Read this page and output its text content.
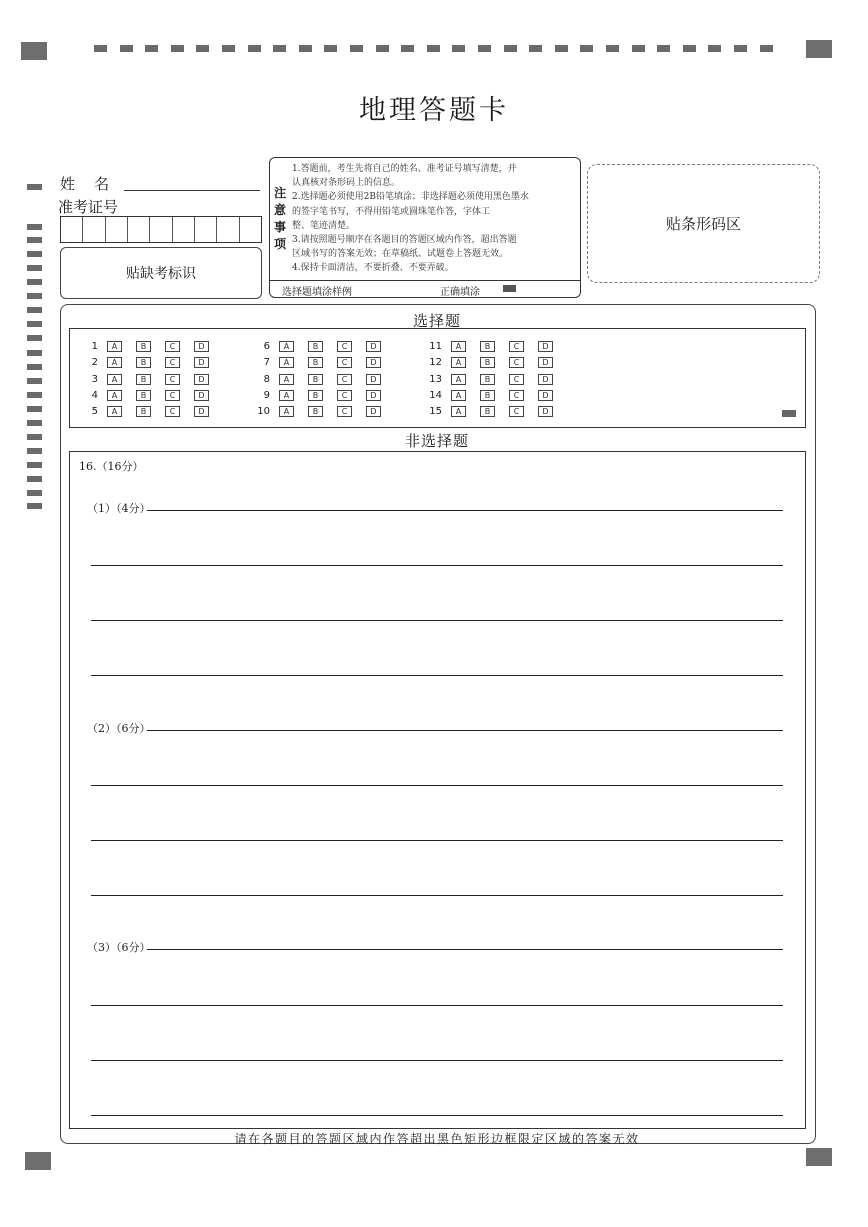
地理答题卡
姓    名
准考证号
贴缺考标识
注
意
事
项
1.答题前，考生先将自己的姓名、准考证号填写清楚，并
认真核对条形码上的信息。
2.选择题必须使用2B铅笔填涂；非选择题必须使用黑色墨水
的签字笔书写，不得用铅笔或圆珠笔作答，字体工
整、笔迹清楚。
3.请按照题号顺序在各题目的答题区域内作答，超出答题
区域书写的答案无效；在草稿纸、试题卷上答题无效。
4.保持卡面清洁，不要折叠、不要弄破。
选择题填涂样例	正确填涂
贴条形码区
选择题
1	A	B	C	D
2	A	B	C	D
3	A	B	C	D
4	A	B	C	D
5	A	B	C	D
6	A	B	C	D
7	A	B	C	D
8	A	B	C	D
9	A	B	C	D
10	A	B	C	D
11	A	B	C	D
12	A	B	C	D
13	A	B	C	D
14	A	B	C	D
15	A	B	C	D
非选择题
16.（16分）
（1）（4分）
（2）（6分）
（3）（6分）
请在各题目的答题区域内作答超出黑色矩形边框限定区域的答案无效
